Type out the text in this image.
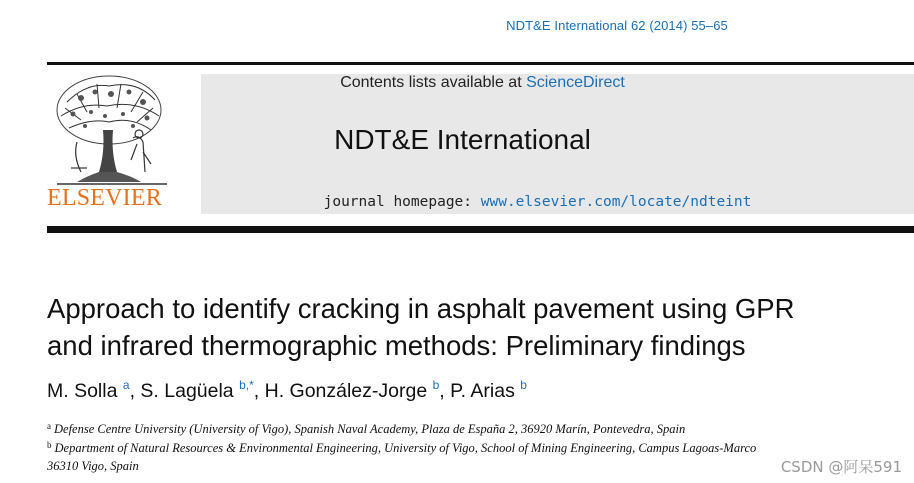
NDT&E International 62 (2014) 55–65
ELSEVIER
Contents lists available at ScienceDirect
NDT&E International
journal homepage: www.elsevier.com/locate/ndteint
Approach to identify cracking in asphalt pavement using GPR
and infrared thermographic methods: Preliminary findings
M. Solla $^a$, S. Lagüela $^{b,*}$, H. González-Jorge $^b$, P. Arias $^b$
$^a$ Defense Centre University (University of Vigo), Spanish Naval Academy, Plaza de España 2, 36920 Marín, Pontevedra, Spain
$^b$ Department of Natural Resources & Environmental Engineering, University of Vigo, School of Mining Engineering, Campus Lagoas-Marco
36310 Vigo, Spain	CSDN @阿呆591
